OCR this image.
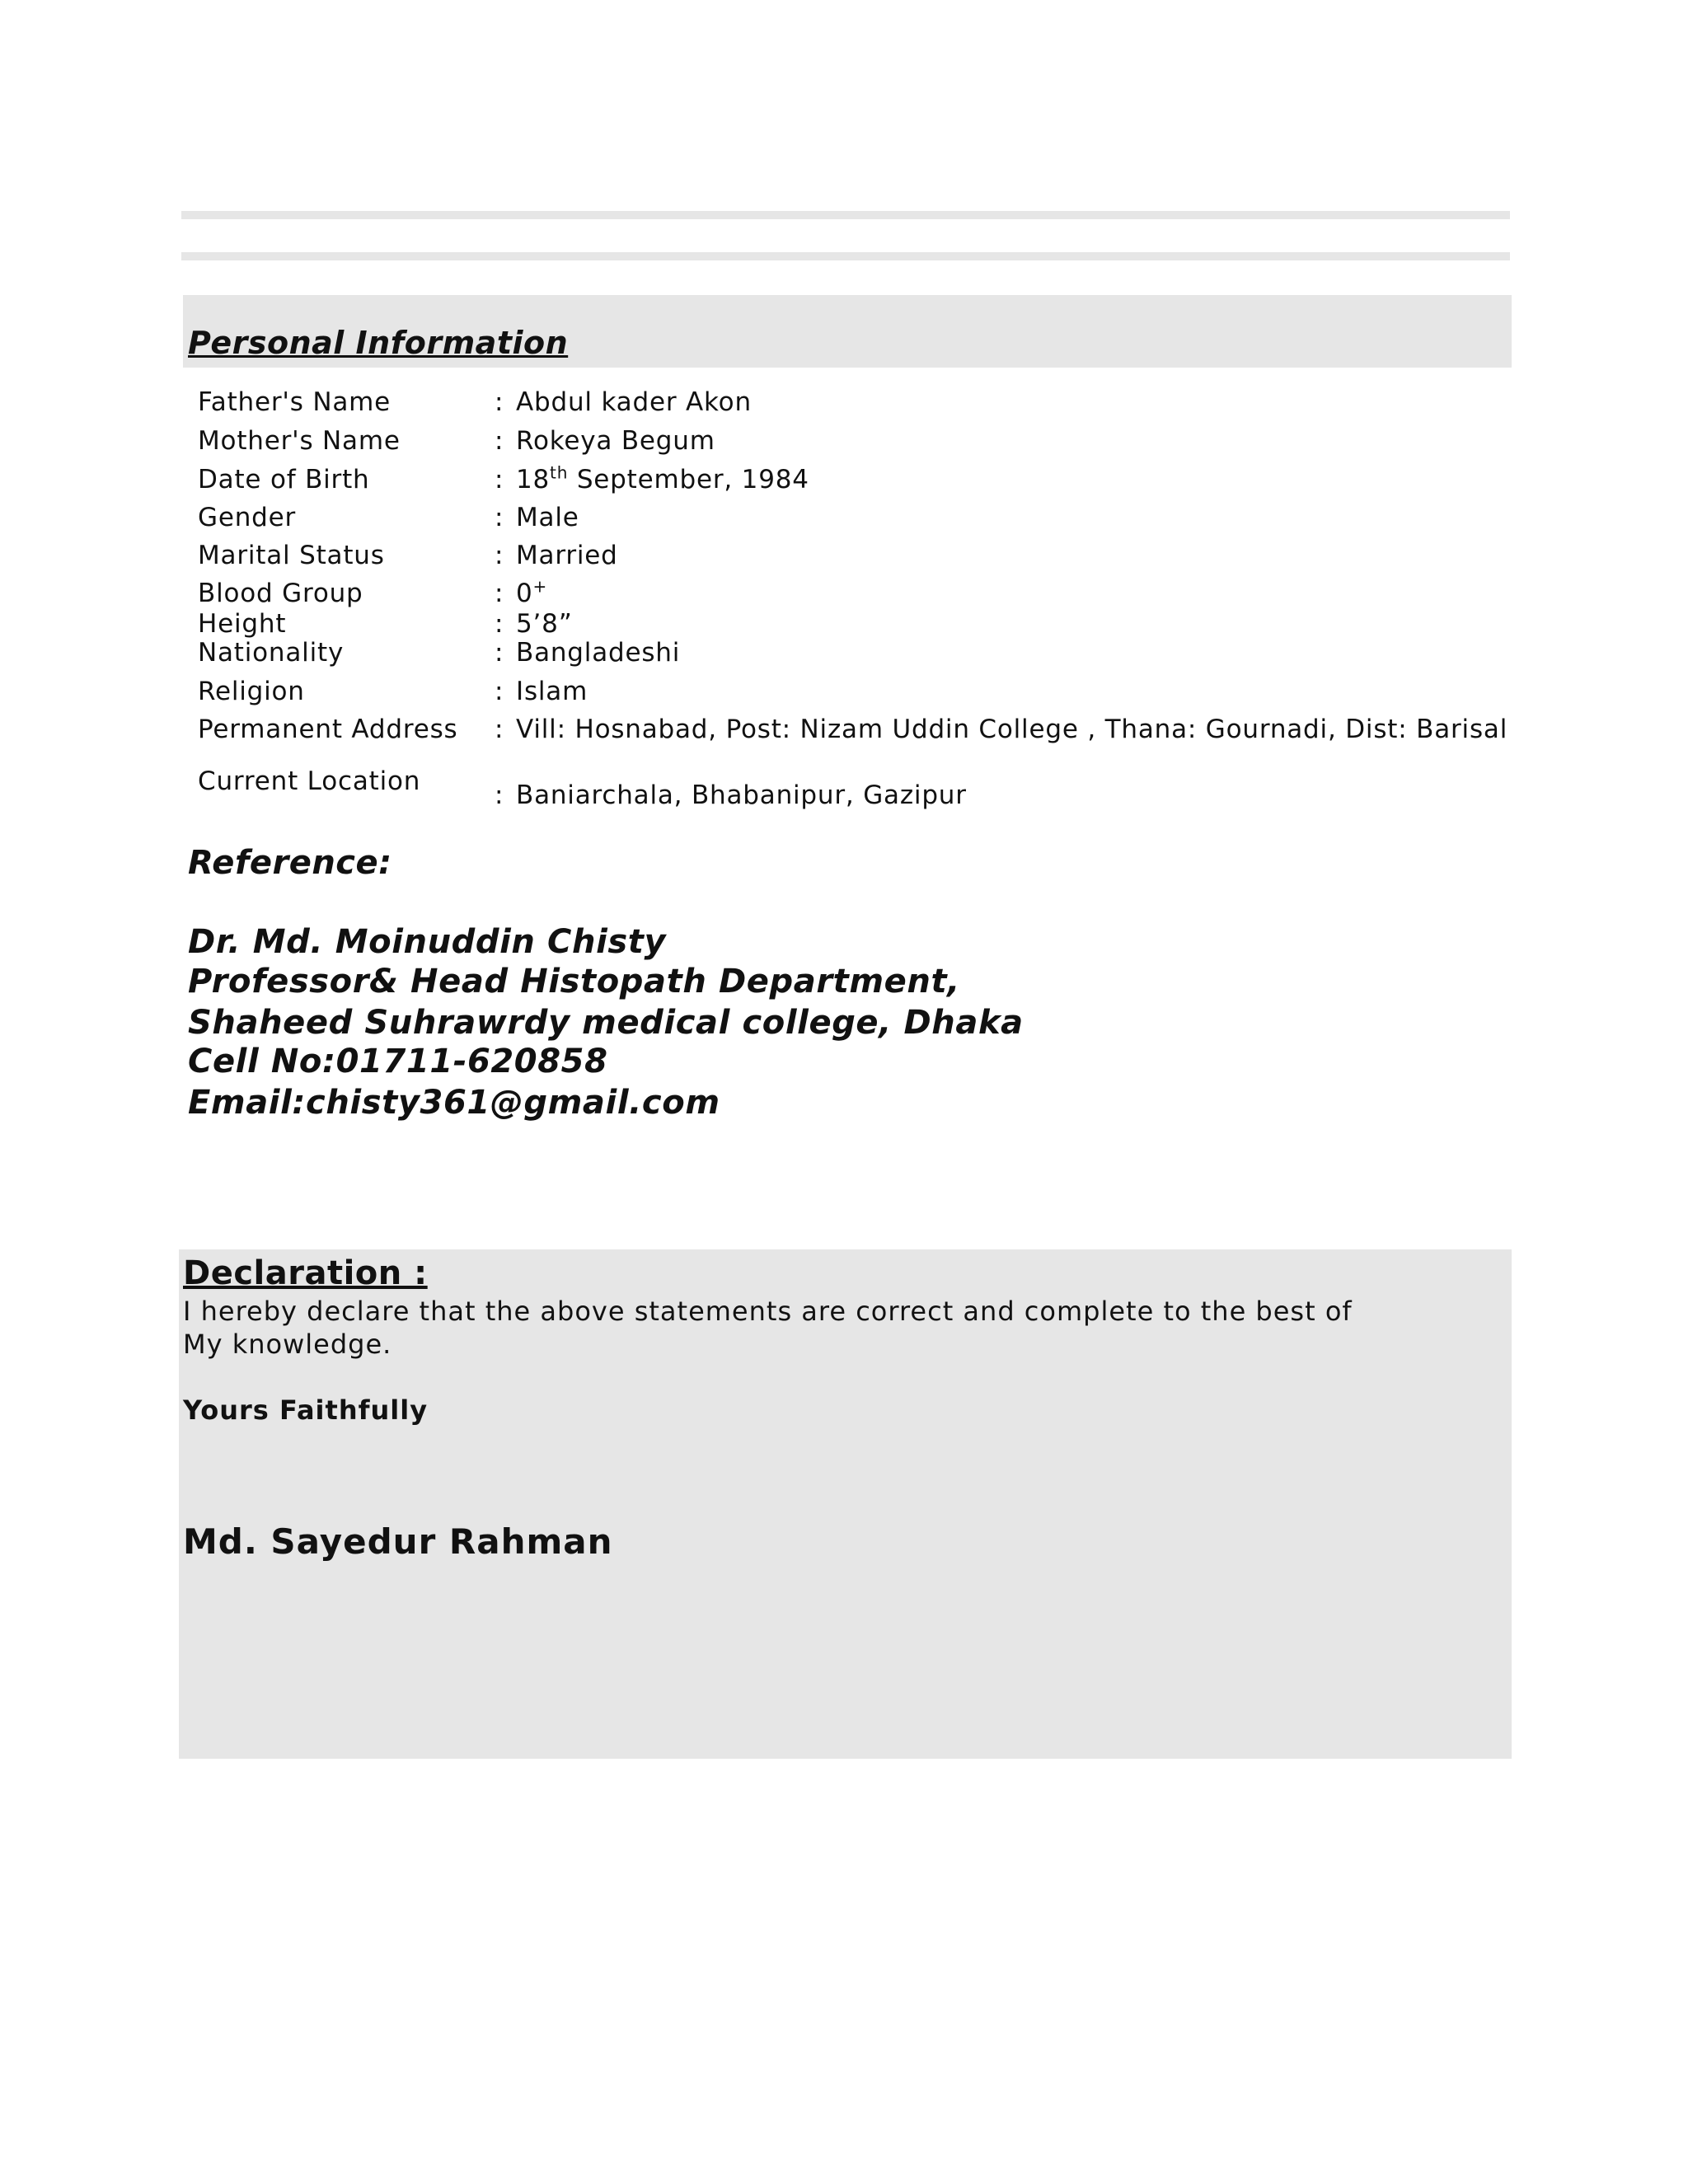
Personal Information
Father's Name	: Abdul kader Akon
Mother's Name	: Rokeya Begum
Date of Birth	: 18th September, 1984
Gender	: Male
Marital Status	: Married
Blood Group	: 0+
Height	: 5’8”
Nationality	: Bangladeshi
Religion	: Islam
Permanent Address : Vill: Hosnabad, Post: Nizam Uddin College , Thana: Gournadi, Dist: Barisal
Current Location	: Baniarchala, Bhabanipur, Gazipur
Reference:
Dr. Md. Moinuddin Chisty
Professor& Head Histopath Department,
Shaheed Suhrawrdy medical college, Dhaka
Cell No:01711-620858
Email:chisty361@gmail.com
Declaration :
I hereby declare that the above statements are correct and complete to the best of
My knowledge.
Yours Faithfully
Md. Sayedur Rahman
